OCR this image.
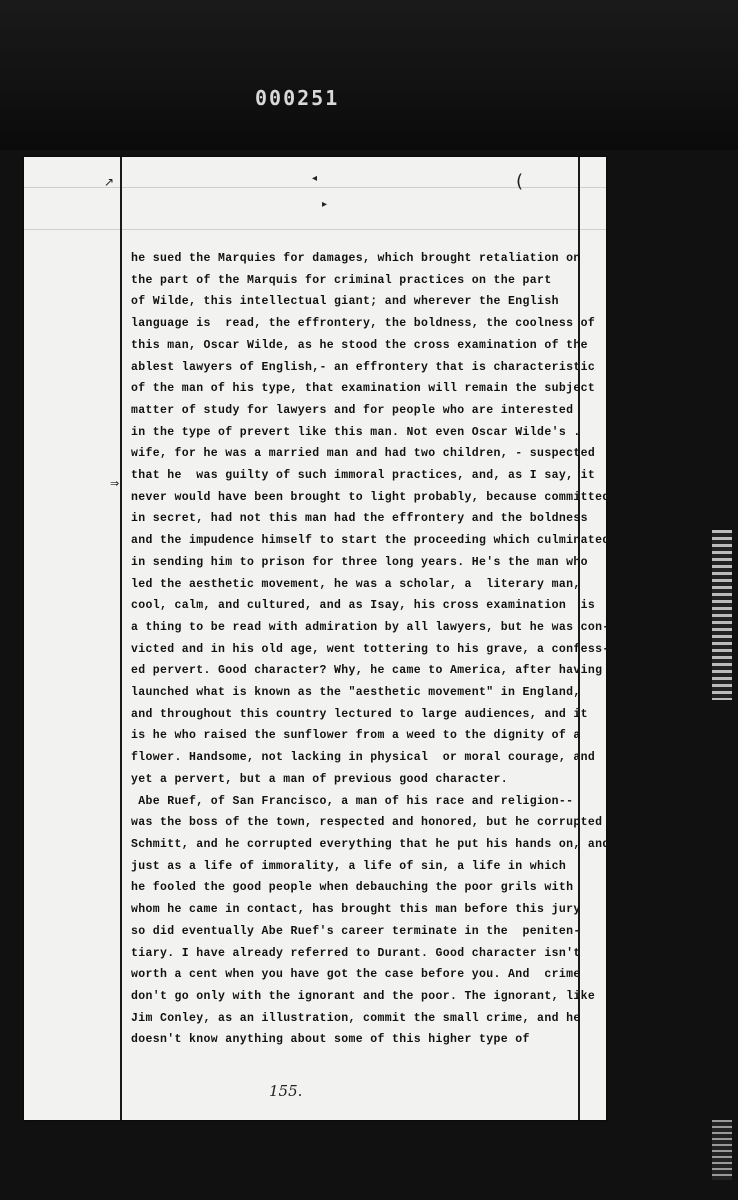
000251
↗	◂
▸
(
⇒
he sued the Marquies for damages, which brought retaliation on
the part of the Marquis for criminal practices on the part
of Wilde, this intellectual giant; and wherever the English
language is  read, the effrontery, the boldness, the coolness of
this man, Oscar Wilde, as he stood the cross examination of the
ablest lawyers of English,- an effrontery that is characteristic
of the man of his type, that examination will remain the subject
matter of study for lawyers and for people who are interested
in the type of prevert like this man. Not even Oscar Wilde's .
wife, for he was a married man and had two children, - suspected
that he  was guilty of such immoral practices, and, as I say, it
never would have been brought to light probably, because committed
in secret, had not this man had the effrontery and the boldness
and the impudence himself to start the proceeding which culminated
in sending him to prison for three long years. He's the man who
led the aesthetic movement, he was a scholar, a  literary man,
cool, calm, and cultured, and as Isay, his cross examination  is
a thing to be read with admiration by all lawyers, but he was con-
victed and in his old age, went tottering to his grave, a confess-
ed pervert. Good character? Why, he came to America, after having
launched what is known as the "aesthetic movement" in England,
and throughout this country lectured to large audiences, and it
is he who raised the sunflower from a weed to the dignity of a
flower. Handsome, not lacking in physical  or moral courage, and
yet a pervert, but a man of previous good character.
Abe Ruef, of San Francisco, a man of his race and religion--
was the boss of the town, respected and honored, but he corrupted
Schmitt, and he corrupted everything that he put his hands on, and
just as a life of immorality, a life of sin, a life in which
he fooled the good people when debauching the poor grils with
whom he came in contact, has brought this man before this jury
so did eventually Abe Ruef's career terminate in the  peniten-
tiary. I have already referred to Durant. Good character isn't
worth a cent when you have got the case before you. And  crime
don't go only with the ignorant and the poor. The ignorant, like
Jim Conley, as an illustration, commit the small crime, and he
doesn't know anything about some of this higher type of
155.
